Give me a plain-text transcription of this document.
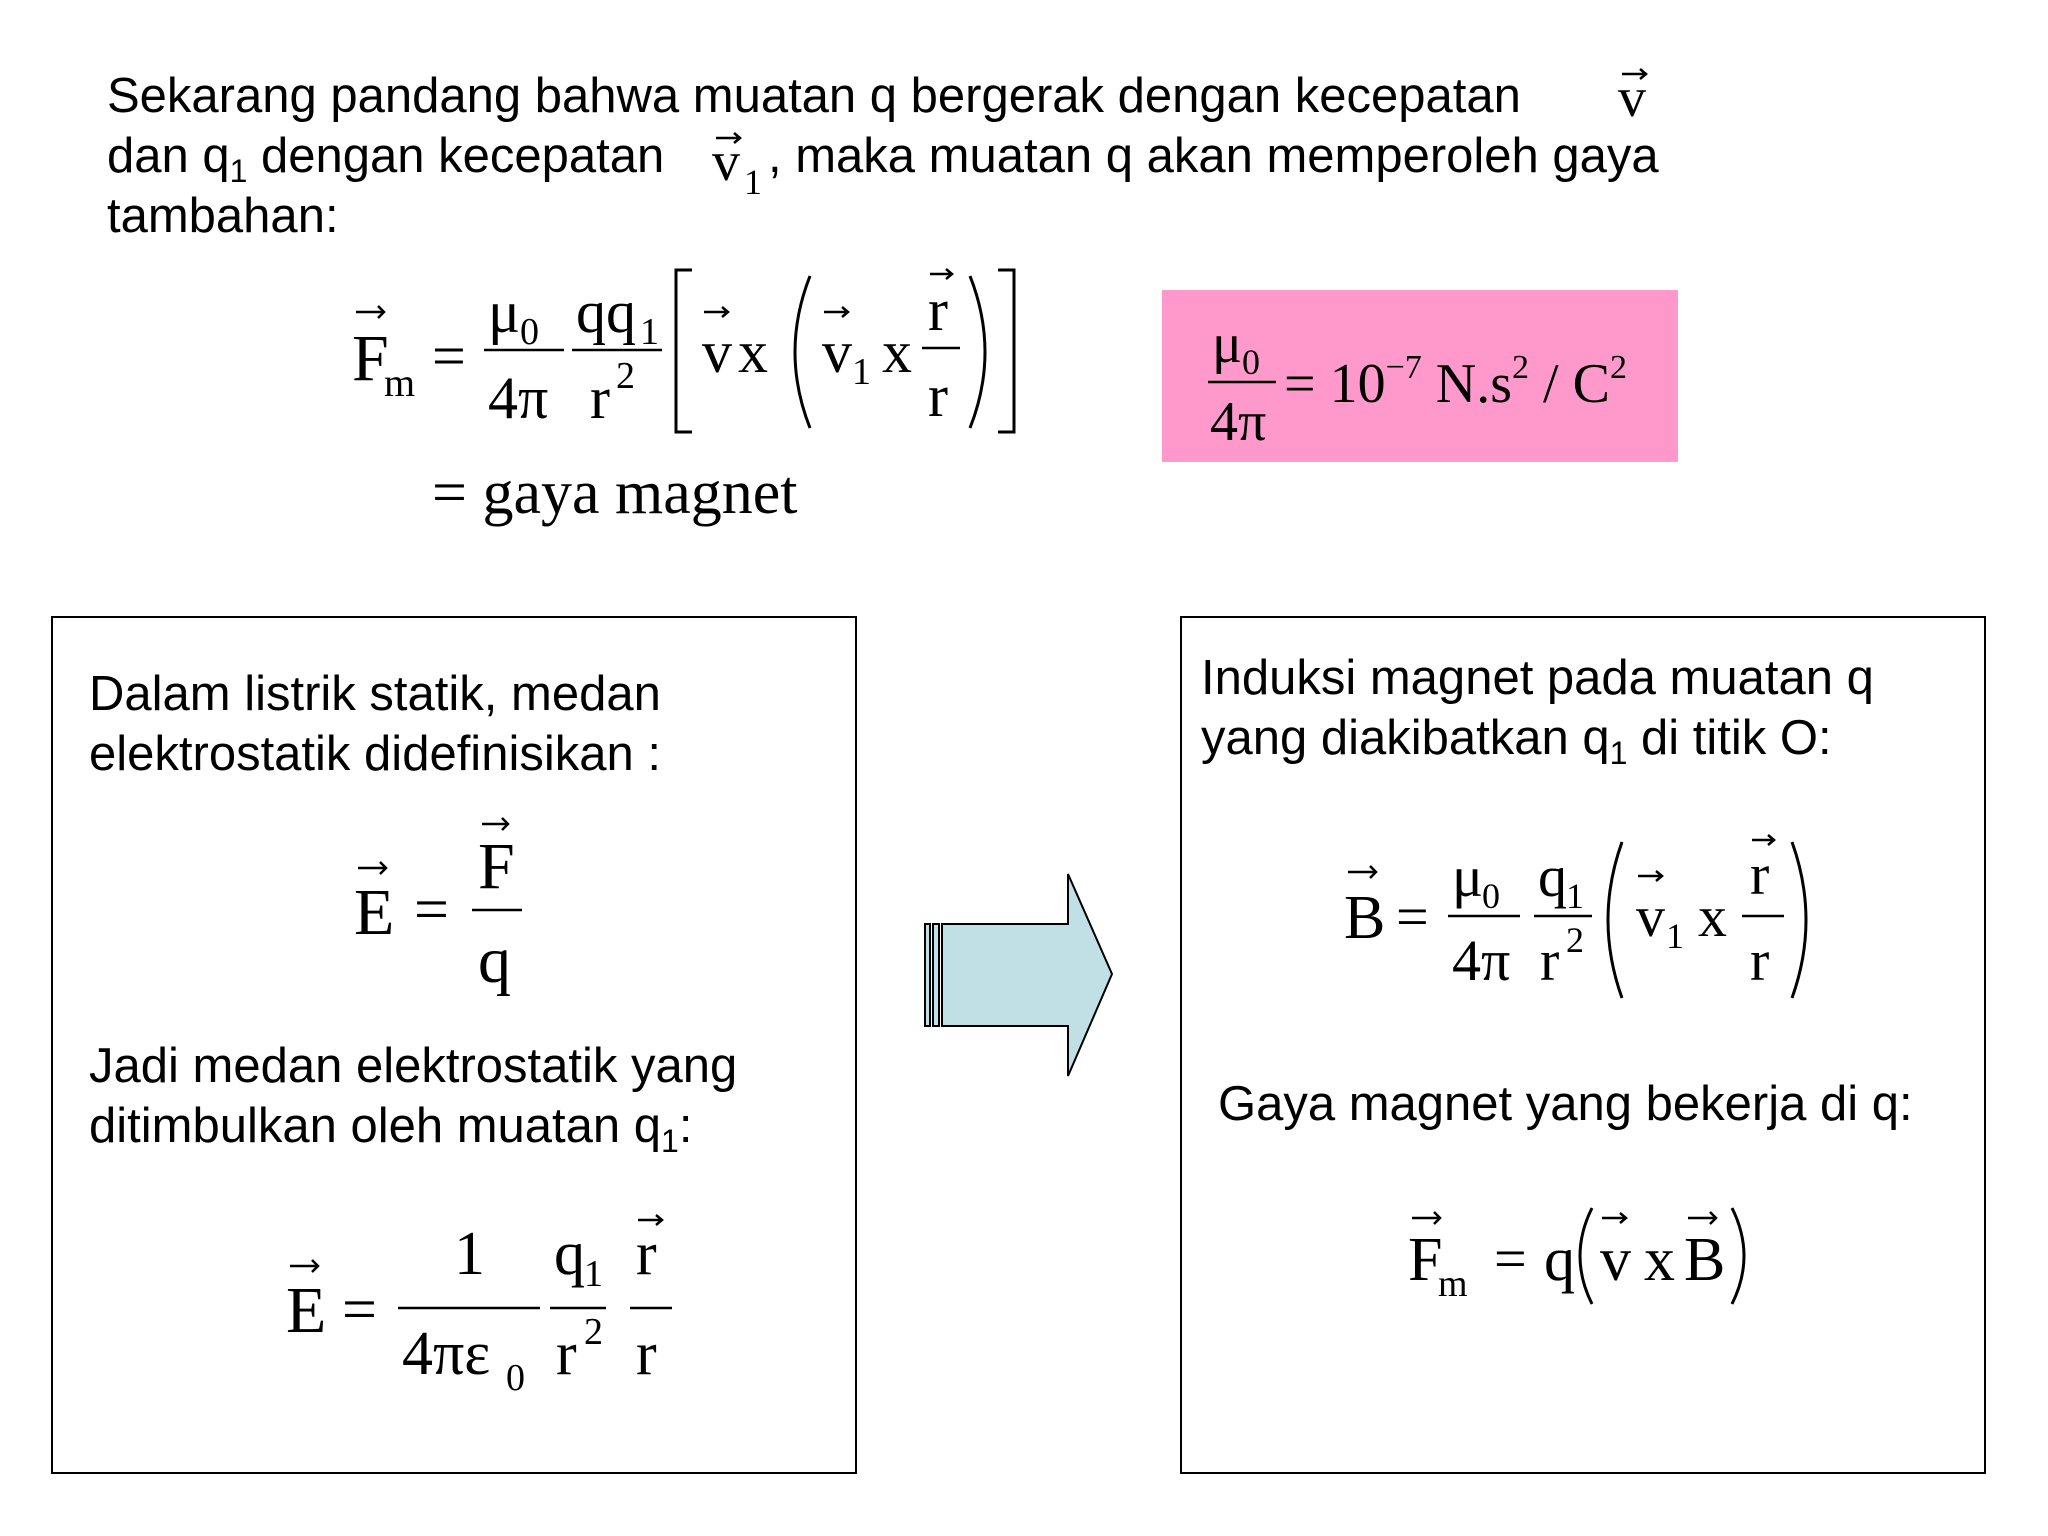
Sekarang pandang bahwa muatan q bergerak dengan kecepatan v
dan $q_1$ dengan kecepatan v 1 , maka muatan q akan memperoleh gaya
tambahan:
F
m =
μ 0
4π
qq 1
r 2 v x v 1 x
r
r
= gaya magnet
μ 0
4π
= $10^{-7}$ $N.s^2 / C^2$
Dalam listrik statik, medan
elektrostatik didefinisikan :
E =
F
q
Jadi medan elektrostatik yang
ditimbulkan oleh muatan $q_1$:
E =
1
4πε 0
q 1
r 2
r
r
Induksi magnet pada muatan q
yang diakibatkan $q_1$ di titik O:
B =
μ
0
4π
q 1
r 2 v 1 x
r
r
Gaya magnet yang bekerja di q:
F
m = q v x B
